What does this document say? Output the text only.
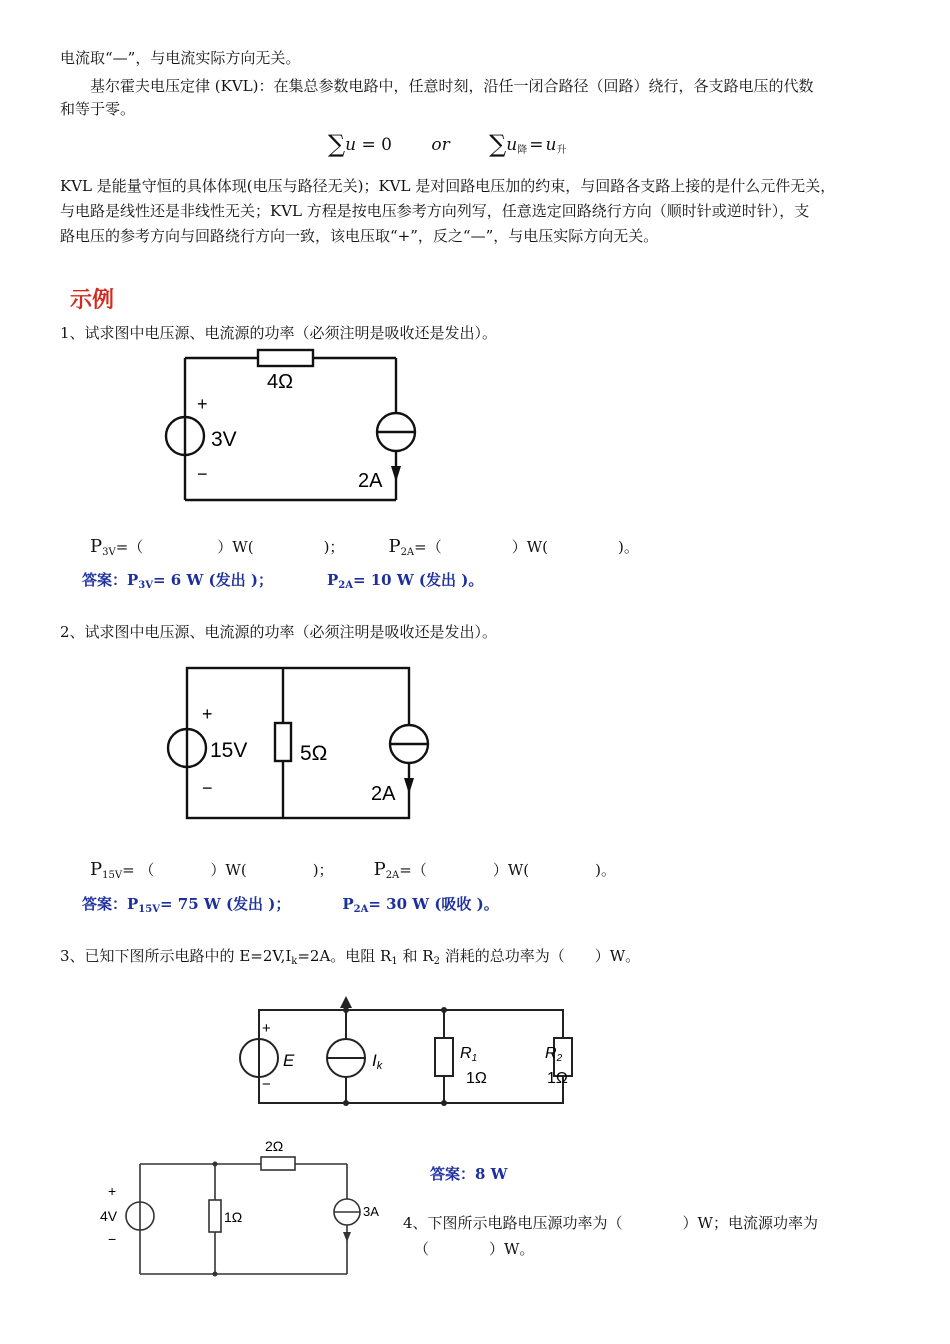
电流取“—”，与电流实际方向无关。
基尔霍夫电压定律 (KVL)：在集总参数电路中，任意时刻，沿任一闭合路径（回路）绕行，各支路电压的代数
和等于零。
∑u = 0 or $\sum u_降 = u_升$
KVL 是能量守恒的具体体现(电压与路径无关)；KVL 是对回路电压加的约束，与回路各支路上接的是什么元件无关，
与电路是线性还是非线性无关；KVL 方程是按电压参考方向列写，任意选定回路绕行方向（顺时针或逆时针），支
路电压的参考方向与回路绕行方向一致，该电压取“+”，反之“—”，与电压实际方向无关。
示例
1、试求图中电压源、电流源的功率（必须注明是吸收还是发出）。
4Ω
+
3V
−	2A
$P_{3V}=$（	）W(	)； $P_{2A}=$（	）W(	)。
答案：$P_{3V}= 6$ W (发出 )；	$P_{2A}= 10$ W (发出 )。
2、试求图中电压源、电流源的功率（必须注明是吸收还是发出）。
+
15V
−
5Ω
2A
$P_{15V}=$ （	）W(	)； $P_{2A}=$（	）W(	)。
答案：$P_{15V}= 75$ W (发出 )；	$P_{2A}= 30$ W (吸收 )。
3、已知下图所示电路中的 $E=2V,I_k=2A$。电阻 $R_1$ 和 $R_2$ 消耗的总功率为（　　）W。
+
−
E	Ik
R1
1Ω
R2
1Ω
答案：8 W
+
4V
−
2Ω
1Ω	3A
4、下图所示电路电压源功率为（　　　　）W；电流源功率为
（　　　　）W。
